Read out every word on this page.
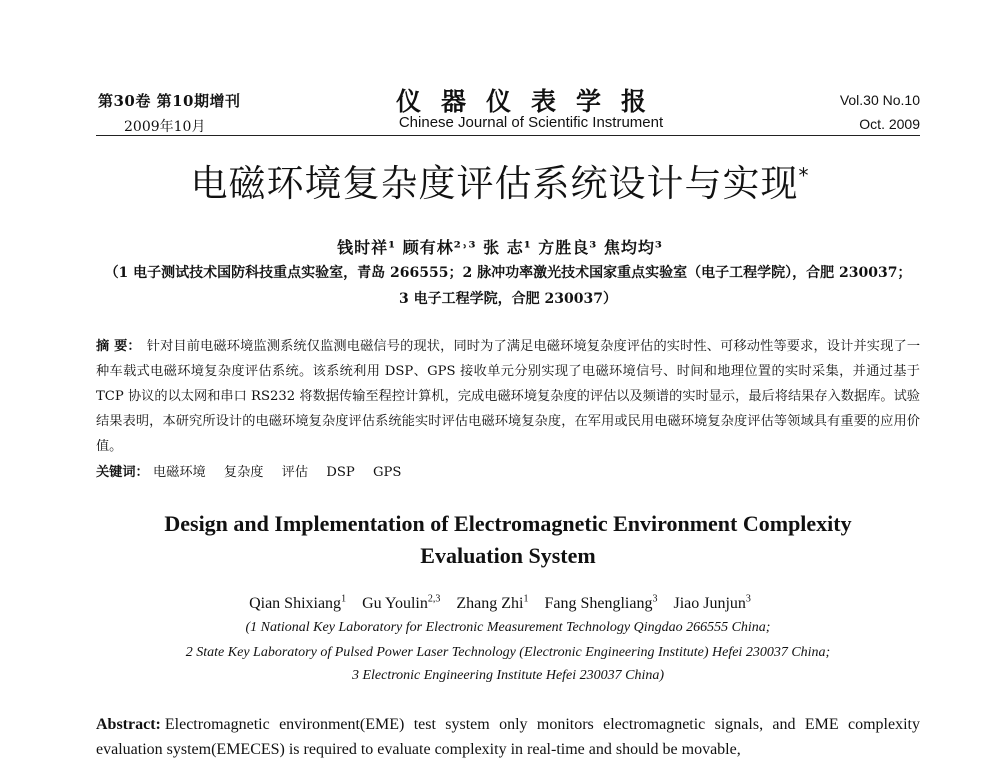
第30卷 第10期增刊
2009年10月
仪器仪表学报
Chinese Journal of Scientific Instrument
Vol.30 No.10
Oct. 2009
电磁环境复杂度评估系统设计与实现*
钱时祥¹ 顾有林²˒³ 张 志¹ 方胜良³ 焦均均³
（1 电子测试技术国防科技重点实验室，青岛 266555；2 脉冲功率激光技术国家重点实验室（电子工程学院），合肥 230037；
3 电子工程学院，合肥 230037）
摘 要： 针对目前电磁环境监测系统仅监测电磁信号的现状，同时为了满足电磁环境复杂度评估的实时性、可移动性等要求，设计并实现了一种车载式电磁环境复杂度评估系统。该系统利用 DSP、GPS 接收单元分别实现了电磁环境信号、时间和地理位置的实时采集，并通过基于 TCP 协议的以太网和串口 RS232 将数据传输至程控计算机，完成电磁环境复杂度的评估以及频谱的实时显示，最后将结果存入数据库。试验结果表明，本研究所设计的电磁环境复杂度评估系统能实时评估电磁环境复杂度，在军用或民用电磁环境复杂度评估等领域具有重要的应用价值。
关键词： 电磁环境 复杂度 评估 DSP GPS
Design and Implementation of Electromagnetic Environment Complexity
Evaluation System
Qian Shixiang$^1$ Gu Youlin$^{2,3}$ Zhang Zhi$^1$ Fang Shengliang$^3$ Jiao Junjun$^3$
(1 National Key Laboratory for Electronic Measurement Technology Qingdao 266555 China;
2 State Key Laboratory of Pulsed Power Laser Technology (Electronic Engineering Institute) Hefei 230037 China;
3 Electronic Engineering Institute Hefei 230037 China)
Abstract: Electromagnetic environment(EME) test system only monitors electromagnetic signals, and EME complexity evaluation system(EMECES) is required to evaluate complexity in real-time and should be movable,
